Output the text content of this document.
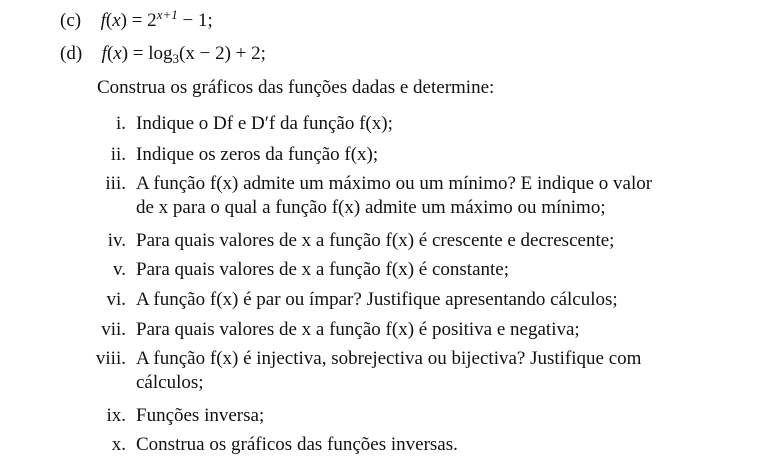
(c) $f(x) = 2^{x+1} - 1$;
(d) $f(x) = \log_3(x - 2) + 2$;
Construa os gráficos das funções dadas e determine:
i. Indique o Df e D′f da função f(x);
ii. Indique os zeros da função f(x);
iii. A função f(x) admite um máximo ou um mínimo? E indique o valor
de x para o qual a função f(x) admite um máximo ou mínimo;
iv. Para quais valores de x a função f(x) é crescente e decrescente;
v. Para quais valores de x a função f(x) é constante;
vi. A função f(x) é par ou ímpar? Justifique apresentando cálculos;
vii. Para quais valores de x a função f(x) é positiva e negativa;
viii. A função f(x) é injectiva, sobrejectiva ou bijectiva? Justifique com
cálculos;
ix. Funções inversa;
x. Construa os gráficos das funções inversas.
